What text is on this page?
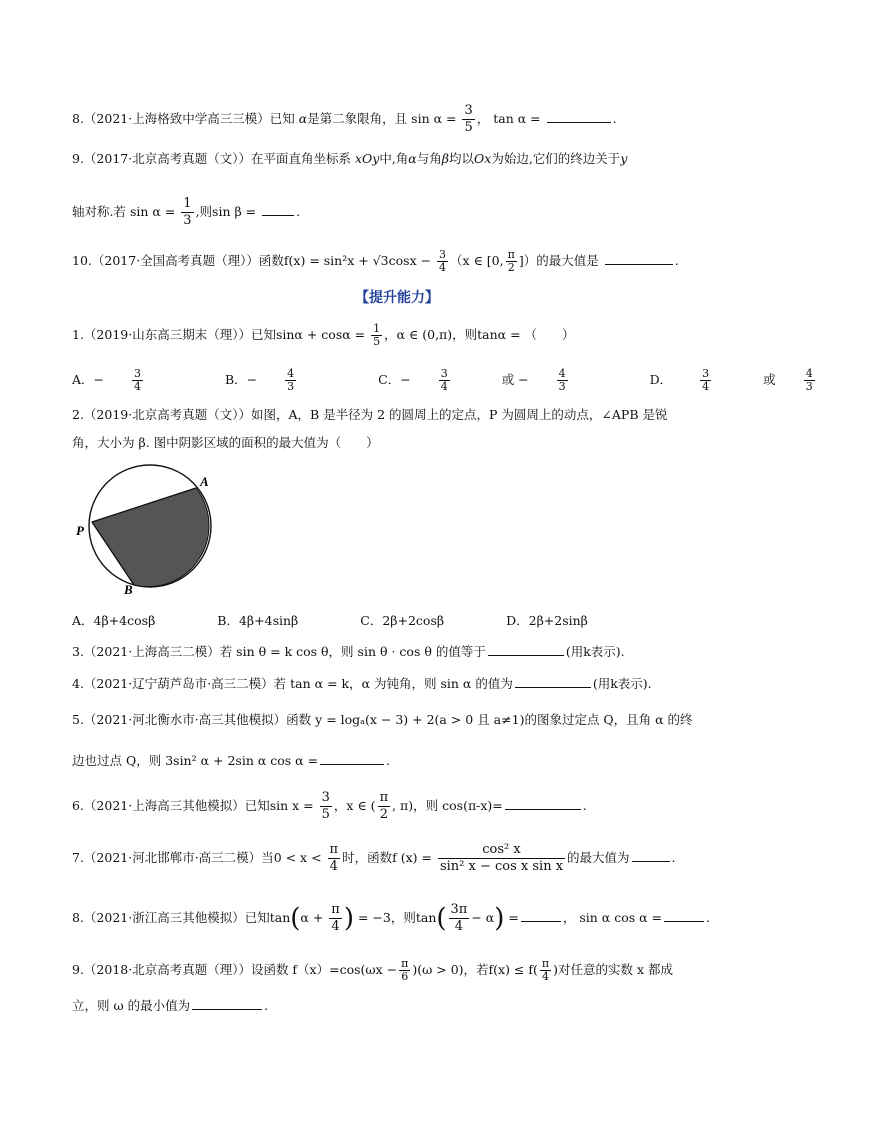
8.（2021·上海格致中学高三三模）已知 α是第二象限角，且 $\sin \alpha = \frac{3}{5}$ ， tan α =	.
9.（2017·北京高考真题（文））在平面直角坐标系 xOy中,角α与角β均以Ox为始边,它们的终边关于y
轴对称.若 $\sin \alpha = \frac{1}{3}$ ,则sin β =	.
10.（2017·全国高考真题（理））函数$f(x) = \sin^2x + √3\cos x - \frac{3}{4} (x$ ∈ [0, $\frac{\pi}{2}$ ]）的最大值是	.
【提升能力】
1.（2019·山东高三期末（理））已知$\sin\alpha + \cos\alpha = \frac{1}{5}$ ，α ∈ (0,π)，则tanα = （　　）
A．−	$\frac{3}{4}$	B．−	$\frac{4}{3}$	C．−	$\frac{3}{4}$ 或 −	$\frac{4}{3}$	D．	$\frac{3}{4}$ 或	$\frac{4}{3}$
2.（2019·北京高考真题（文））如图，A，B 是半径为 2 的圆周上的定点，P 为圆周上的动点，∠APB 是锐
角，大小为 β. 图中阴影区域的面积的最大值为（　　）
A
P
B
A．4β+4cosβ	B．4β+4sinβ	C．2β+2cosβ	D．2β+2sinβ
3.（2021·上海高三二模）若 sin θ = k cos θ，则 sin θ · cos θ 的值等于	(用k表示).
4.（2021·辽宁葫芦岛市·高三二模）若 tan α = k，α 为钝角，则 sin α 的值为	(用k表示).
5.（2021·河北衡水市·高三其他模拟）函数 y = logₐ(x − 3) + 2(a > 0 且 a≠1)的图象过定点 Q，且角 α 的终
边也过点 Q，则 3sin² α + 2sin α cos α =	.
6.（2021·上海高三其他模拟）已知$\sin x = \frac{3}{5}$ ，x ∈ ( $\frac{\pi}{2}$ , π)，则 cos(π-x)=	.
7.（2021·河北邯郸市·高三二模）当$0 < x < \frac{\pi}{4}$ 时，函数f $(x) = \frac{\text{cos² x}}{\text{sin² x − cos x sin x}}$ 的最大值为	.
8.（2021·浙江高三其他模拟）已知$\tan(\alpha + \frac{\pi}{4}$ ) = −3，则$\tan( \frac{3\pi}{4} - \alpha)$ =	， sin α cos α =	.
9.（2018·北京高考真题（理））设函数 $f(x)=\cos(\omega x - \frac{\pi}{6} )(\omega > 0)$，若$f(x) \le f( \frac{\pi}{4}$ )对任意的实数 x 都成
立，则 ω 的最小值为	.
